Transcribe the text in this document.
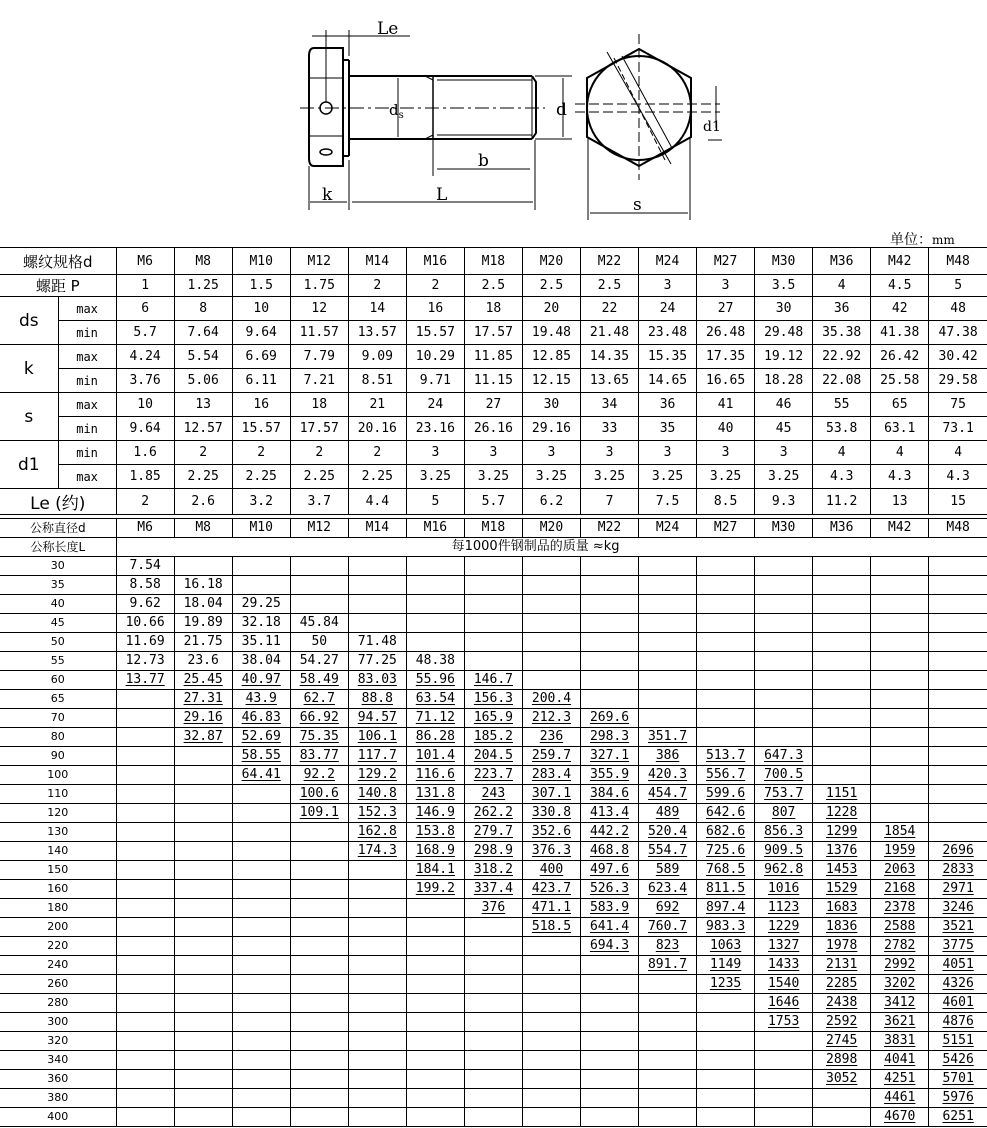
Le
$d_s$	d
d1
b
k	L	s
单位：mm
螺纹规格d		M6	M8	M10	M12	M14	M16	M18	M20	M22	M24	M27	M30	M36	M42	M48
螺距 P		1	1.25	1.5	1.75	2	2	2.5	2.5	2.5	3	3	3.5	4	4.5	5
ds	max	6	8	10	12	14	16	18	20	22	24	27	30	36	42	48
	min	5.7	7.64	9.64	11.57	13.57	15.57	17.57	19.48	21.48	23.48	26.48	29.48	35.38	41.38	47.38
k	max	4.24	5.54	6.69	7.79	9.09	10.29	11.85	12.85	14.35	15.35	17.35	19.12	22.92	26.42	30.42
	min	3.76	5.06	6.11	7.21	8.51	9.71	11.15	12.15	13.65	14.65	16.65	18.28	22.08	25.58	29.58
s	max	10	13	16	18	21	24	27	30	34	36	41	46	55	65	75
	min	9.64	12.57	15.57	17.57	20.16	23.16	26.16	29.16	33	35	40	45	53.8	63.1	73.1
d1	min	1.6	2	2	2	2	3	3	3	3	3	3	3	4	4	4
	max	1.85	2.25	2.25	2.25	2.25	3.25	3.25	3.25	3.25	3.25	3.25	3.25	4.3	4.3	4.3
Le (约)		2	2.6	3.2	3.7	4.4	5	5.7	6.2	7	7.5	8.5	9.3	11.2	13	15
公称直径d	M6	M8	M10	M12	M14	M16	M18	M20	M22	M24	M27	M30	M36	M42	M48
公称长度L	每1000件钢制品的质量 ≈kg														
30	7.54														
35	8.58	16.18													
40	9.62	18.04	29.25												
45	10.66	19.89	32.18	45.84											
50	11.69	21.75	35.11	50	71.48										
55	12.73	23.6	38.04	54.27	77.25	48.38									
60	13.77	25.45	40.97	58.49	83.03	55.96	146.7								
65		27.31	43.9	62.7	88.8	63.54	156.3	200.4							
70		29.16	46.83	66.92	94.57	71.12	165.9	212.3	269.6						
80		32.87	52.69	75.35	106.1	86.28	185.2	236	298.3	351.7					
90			58.55	83.77	117.7	101.4	204.5	259.7	327.1	386	513.7	647.3			
100			64.41	92.2	129.2	116.6	223.7	283.4	355.9	420.3	556.7	700.5			
110				100.6	140.8	131.8	243	307.1	384.6	454.7	599.6	753.7	1151		
120				109.1	152.3	146.9	262.2	330.8	413.4	489	642.6	807	1228		
130					162.8	153.8	279.7	352.6	442.2	520.4	682.6	856.3	1299	1854	
140					174.3	168.9	298.9	376.3	468.8	554.7	725.6	909.5	1376	1959	2696
150						184.1	318.2	400	497.6	589	768.5	962.8	1453	2063	2833
160						199.2	337.4	423.7	526.3	623.4	811.5	1016	1529	2168	2971
180							376	471.1	583.9	692	897.4	1123	1683	2378	3246
200								518.5	641.4	760.7	983.3	1229	1836	2588	3521
220									694.3	823	1063	1327	1978	2782	3775
240										891.7	1149	1433	2131	2992	4051
260											1235	1540	2285	3202	4326
280												1646	2438	3412	4601
300												1753	2592	3621	4876
320													2745	3831	5151
340													2898	4041	5426
360													3052	4251	5701
380														4461	5976
400														4670	6251
